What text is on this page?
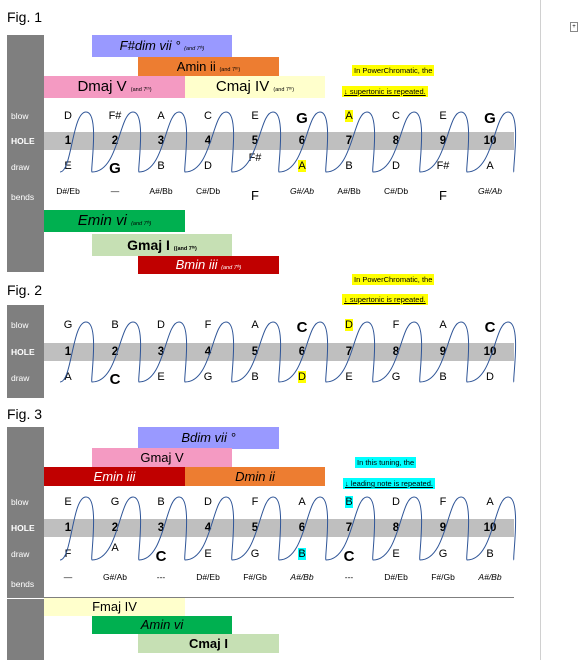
+
Fig. 1
blow
HOLE
draw
bends
F#dim vii ° (and 7ᵗʰ)
Amin ii (and 7ᵗʰ)
Dmaj V (and 7ᵗʰ)	Cmaj IV (and 7ᵗʰ)
In PowerChromatic, the
↓ supertonic is repeated.
D
1
E
D#/Eb
F#
2
G
—
A
3
B
A#/Bb
C
4
D
C#/Db
E
5
F#
F
G
6
A
G#/Ab
A
7
B
A#/Bb
C
8
D
C#/Db
E
9
F#
F
G
10
A
G#/Ab
Emin vi (and 7ᵗʰ)
Gmaj I ((and 7ᵗʰ)
Bmin iii (and 7ᵗʰ)
Fig. 2
blow
HOLE
draw
In PowerChromatic, the
↓ supertonic is repeated.
G
1
A
B
2
C
D
3
E
F
4
G
A
5
B
C
6
D
D
7
E
F
8
G
A
9
B
C
10
D
Fig. 3
blow
HOLE
draw
bends
Bdim vii °
Gmaj V
Emin iii	Dmin ii
In this tuning, the
↓ leading note is repeated.
E
1
F
—
G
2
A
G#/Ab
B
3
C
---
D
4
E
D#/Eb
F
5
G
F#/Gb
A
6
B
A#/Bb
B
7
C
---
D
8
E
D#/Eb
F
9
G
F#/Gb
A
10
B
A#/Bb
Fmaj IV
Amin vi
Cmaj I
